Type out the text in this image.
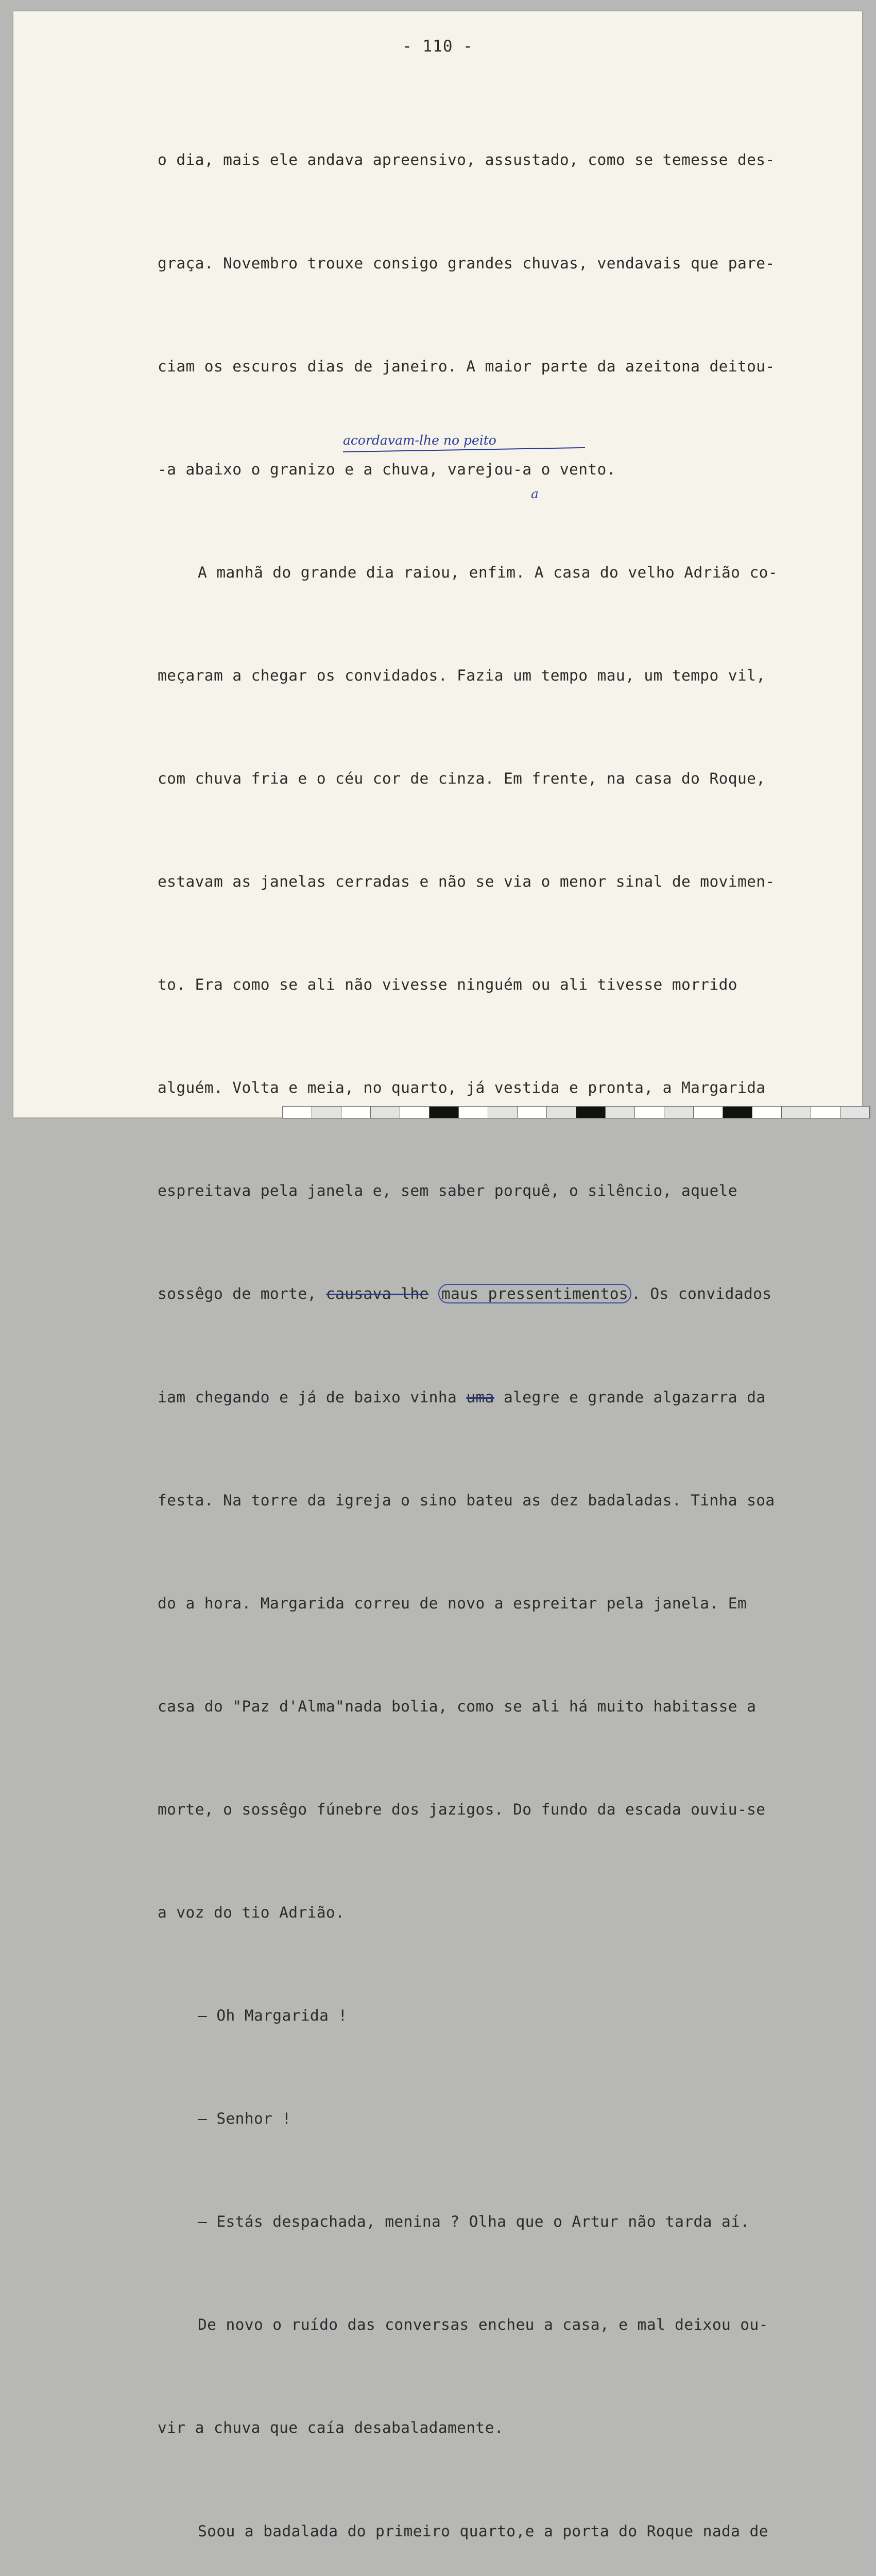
- 110 -

o dia, mais ele andava apreensivo, assustado, como se temesse des-

graça. Novembro trouxe consigo grandes chuvas, vendavais que pare-

ciam os escuros dias de janeiro. A maior parte da azeitona deitou-

-a abaixo o granizo e a chuva, varejou-a o vento.

A manhã do grande dia raiou, enfim. A casa do velho Adrião co-

meçaram a chegar os convidados. Fazia um tempo mau, um tempo vil,

com chuva fria e o céu cor de cinza. Em frente, na casa do Roque,

estavam as janelas cerradas e não se via o menor sinal de movimen-

to. Era como se ali não vivesse ninguém ou ali tivesse morrido

alguém. Volta e meia, no quarto, já vestida e pronta, a Margarida

espreitava pela janela e, sem saber porquê, o silêncio, aquele

sossêgo de morte, causava-lhe maus pressentimentos . Os convidados

iam chegando e já de baixo vinha uma alegre e grande algazarra da

festa. Na torre da igreja o sino bateu as dez badaladas. Tinha soa

do a hora. Margarida correu de novo a espreitar pela janela. Em

casa do "Paz d'Alma"nada bolia, como se ali há muito habitasse a

morte, o sossêgo fúnebre dos jazigos. Do fundo da escada ouviu-se

a voz do tio Adrião.

— Oh Margarida !

— Senhor !

— Estás despachada, menina ? Olha que o Artur não tarda aí.

De novo o ruído das conversas encheu a casa, e mal deixou ou-

vir a chuva que caía desabaladamente.

Soou a badalada do primeiro quarto,e a porta do Roque nada de

acordavam-lhe no peito
a
